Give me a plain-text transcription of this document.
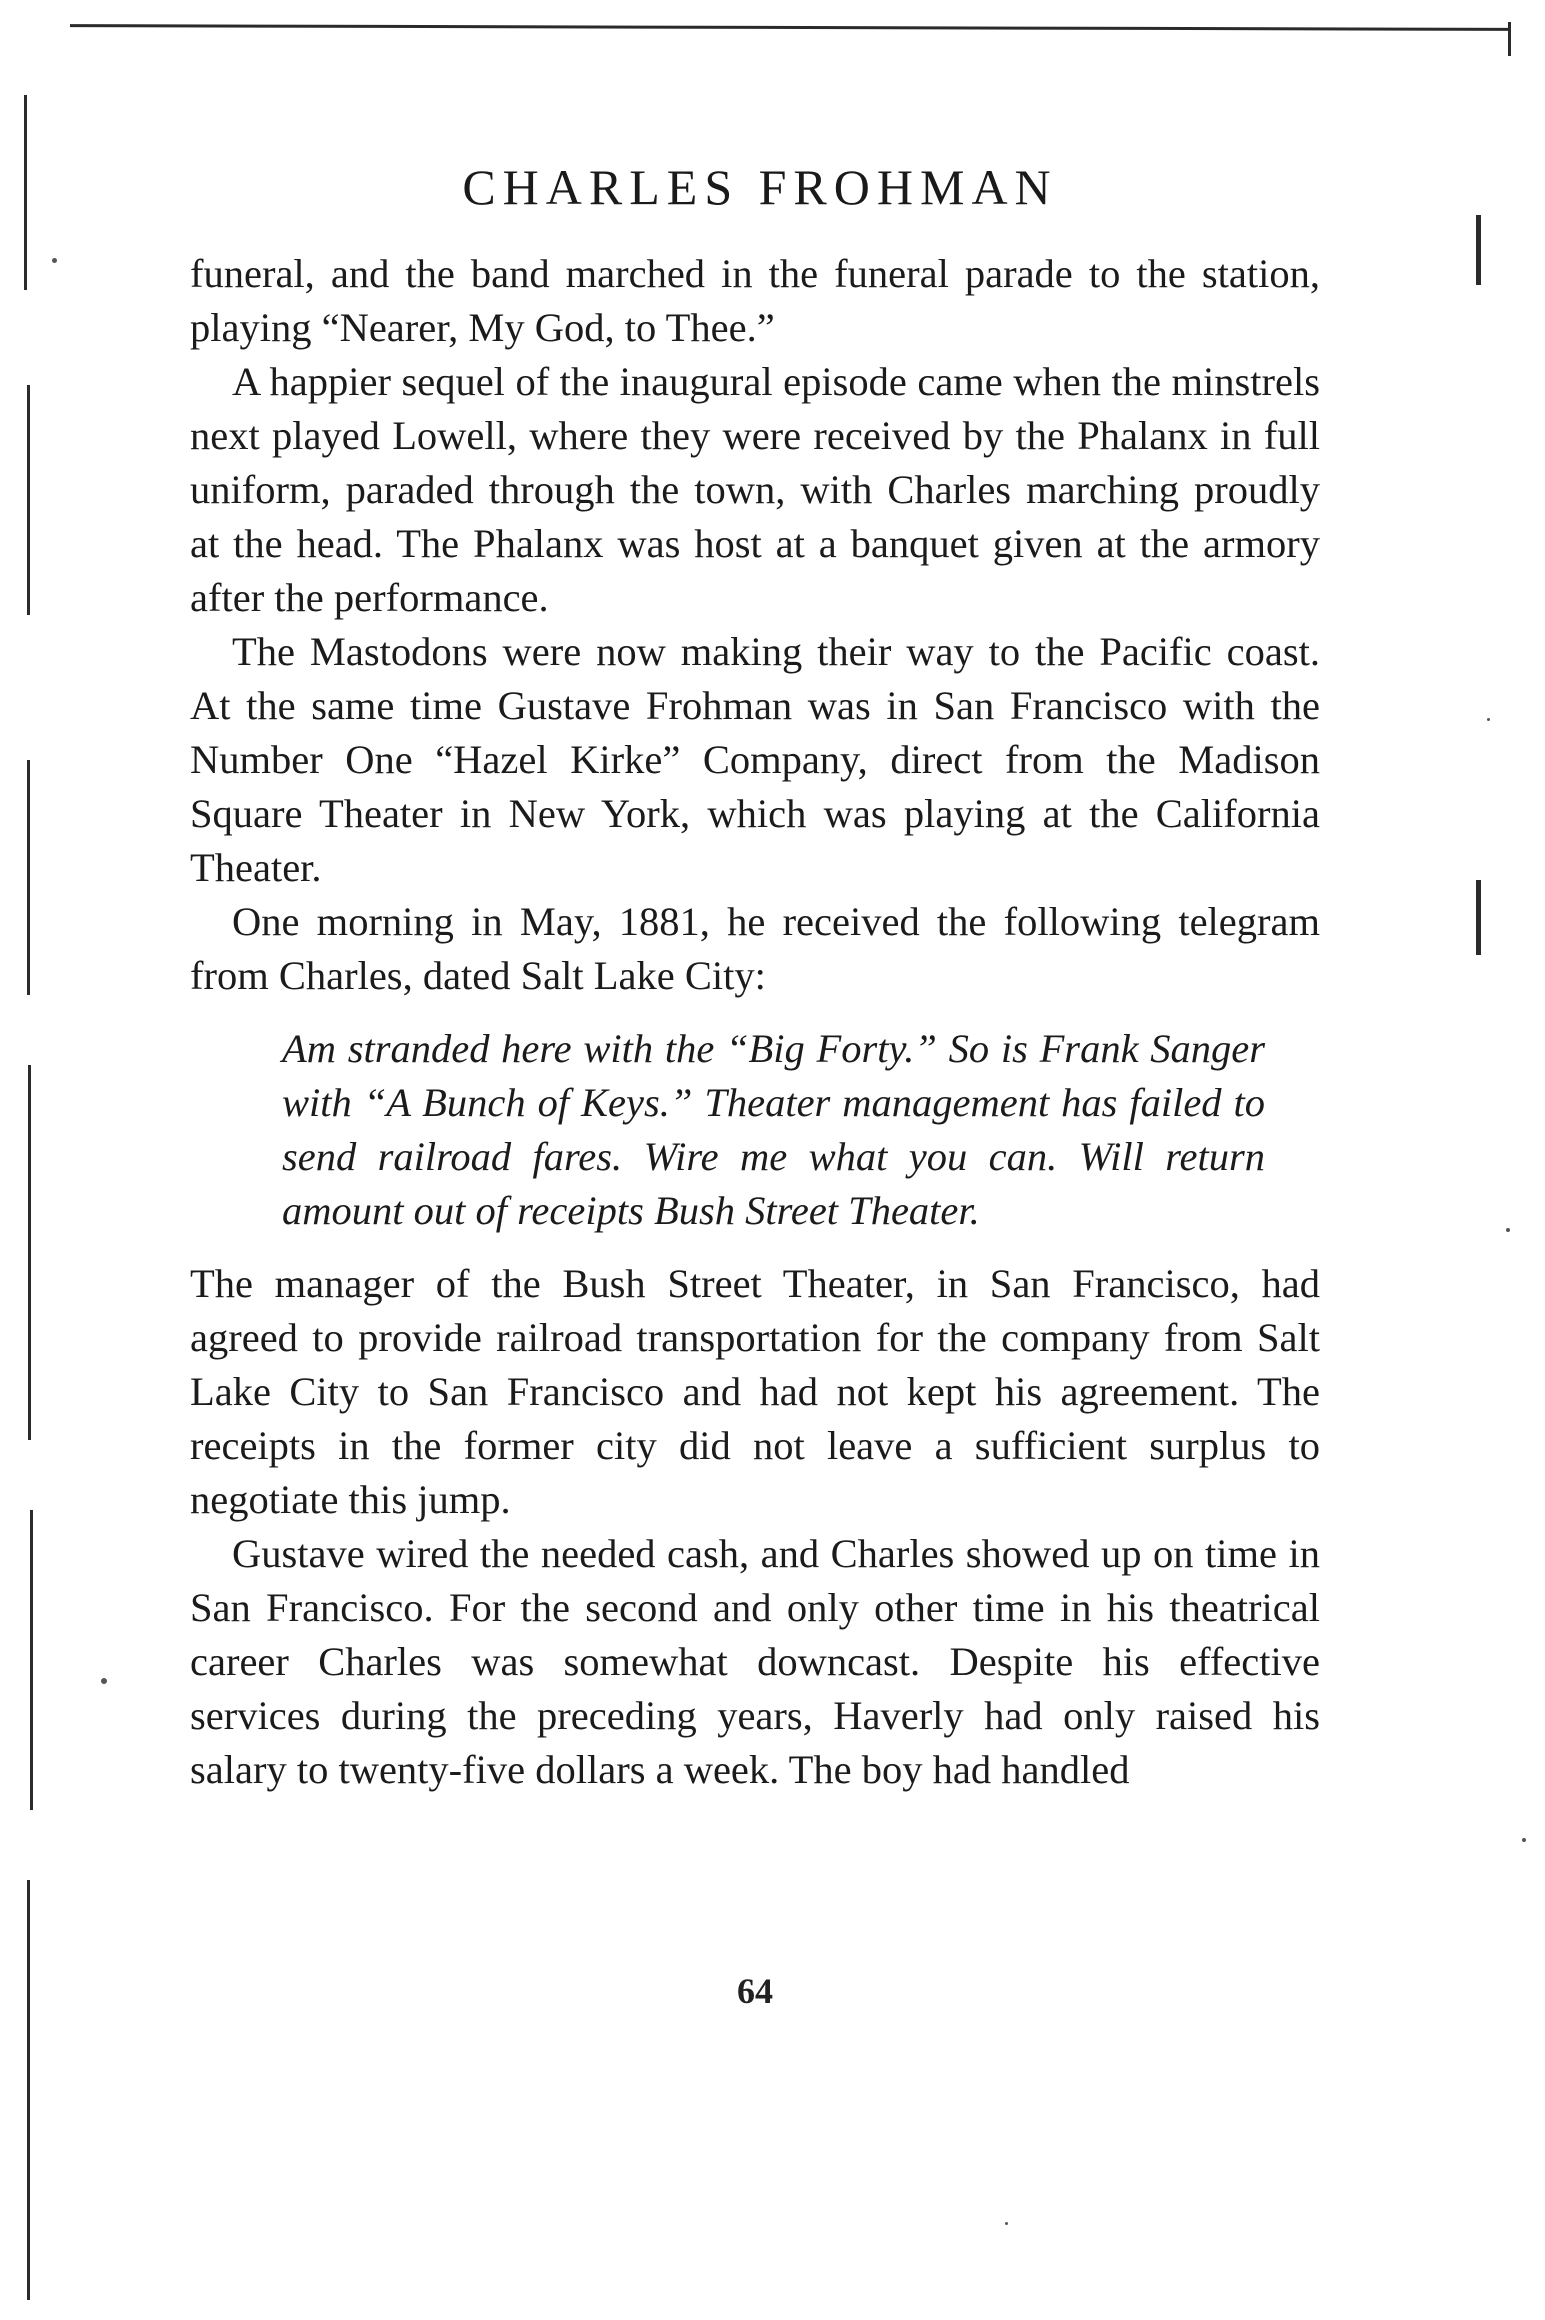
CHARLES FROHMAN

funeral, and the band marched in the funeral parade to the station, playing “Nearer, My God, to Thee.”

A happier sequel of the inaugural episode came when the minstrels next played Lowell, where they were received by the Phalanx in full uniform, paraded through the town, with Charles marching proudly at the head. The Phalanx was host at a banquet given at the armory after the performance.

The Mastodons were now making their way to the Pacific coast. At the same time Gustave Frohman was in San Francisco with the Number One “Hazel Kirke” Company, direct from the Madison Square Theater in New York, which was playing at the California Theater.

One morning in May, 1881, he received the following telegram from Charles, dated Salt Lake City:

Am stranded here with the “Big Forty.” So is Frank Sanger with “A Bunch of Keys.” Theater management has failed to send railroad fares. Wire me what you can. Will return amount out of receipts Bush Street Theater.

The manager of the Bush Street Theater, in San Francisco, had agreed to provide railroad transportation for the company from Salt Lake City to San Francisco and had not kept his agreement. The receipts in the former city did not leave a sufficient surplus to negotiate this jump.

Gustave wired the needed cash, and Charles showed up on time in San Francisco. For the second and only other time in his theatrical career Charles was somewhat downcast. Despite his effective services during the preceding years, Haverly had only raised his salary to twenty-five dollars a week. The boy had handled

64
